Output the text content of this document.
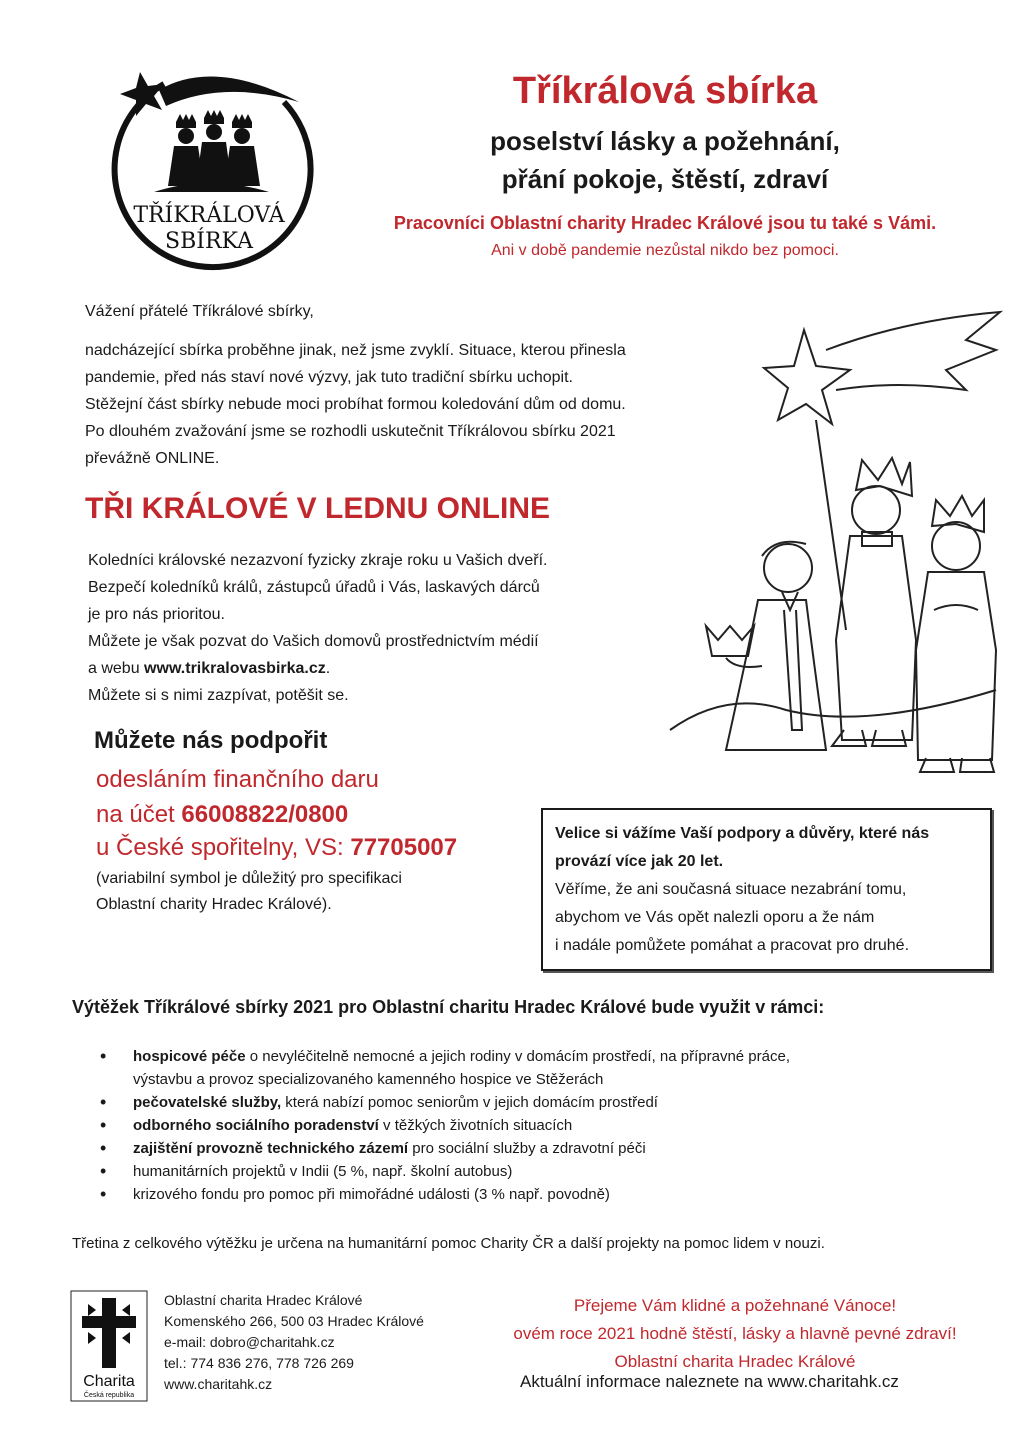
TŘÍKRÁLOVÁ
SBÍRKA
Tříkrálová sbírka
poselství lásky a požehnání,
přání pokoje, štěstí, zdraví
Pracovníci Oblastní charity Hradec Králové jsou tu také s Vámi.
Ani v době pandemie nezůstal nikdo bez pomoci.
Vážení přátelé Tříkrálové sbírky,
nadcházející sbírka proběhne jinak, než jsme zvyklí. Situace, kterou přinesla
pandemie, před nás staví nové výzvy, jak tuto tradiční sbírku uchopit.
Stěžejní část sbírky nebude moci probíhat formou koledování dům od domu.
Po dlouhém zvažování jsme se rozhodli uskutečnit Tříkrálovou sbírku 2021
převážně ONLINE.
TŘI KRÁLOVÉ V LEDNU ONLINE
Koledníci královské nezazvoní fyzicky zkraje roku u Vašich dveří.
Bezpečí koledníků králů, zástupců úřadů i Vás, laskavých dárců
je pro nás prioritou.
Můžete je však pozvat do Vašich domovů prostřednictvím médií
a webu www.trikralovasbirka.cz.
Můžete si s nimi zazpívat, potěšit se.
Můžete nás podpořit
odesláním finančního daru
na účet 66008822/0800
u České spořitelny, VS: 77705007
(variabilní symbol je důležitý pro specifikaci
Oblastní charity Hradec Králové).
Velice si vážíme Vaší podpory a důvěry, které nás
provází více jak 20 let.
Věříme, že ani současná situace nezabrání tomu,
abychom ve Vás opět nalezli oporu a že nám
i nadále pomůžete pomáhat a pracovat pro druhé.
Výtěžek Tříkrálové sbírky 2021 pro Oblastní charitu Hradec Králové bude využit v rámci:
• hospicové péče o nevyléčitelně nemocné a jejich rodiny v domácím prostředí, na přípravné práce,
výstavbu a provoz specializovaného kamenného hospice ve Stěžerách
• pečovatelské služby, která nabízí pomoc seniorům v jejich domácím prostředí
• odborného sociálního poradenství v těžkých životních situacích
• zajištění provozně technického zázemí pro sociální služby a zdravotní péči
• humanitárních projektů v Indii (5 %, např. školní autobus)
• krizového fondu pro pomoc při mimořádné události (3 % např. povodně)
Třetina z celkového výtěžku je určena na humanitární pomoc Charity ČR a další projekty na pomoc lidem v nouzi.
Charita
Česká republika
Oblastní charita Hradec Králové
Komenského 266, 500 03 Hradec Králové
e-mail: dobro@charitahk.cz
tel.: 774 836 276, 778 726 269
www.charitahk.cz
Přejeme Vám klidné a požehnané Vánoce!
ovém roce 2021 hodně štěstí, lásky a hlavně pevné zdraví!
Oblastní charita Hradec Králové
Aktuální informace naleznete na www.charitahk.cz
